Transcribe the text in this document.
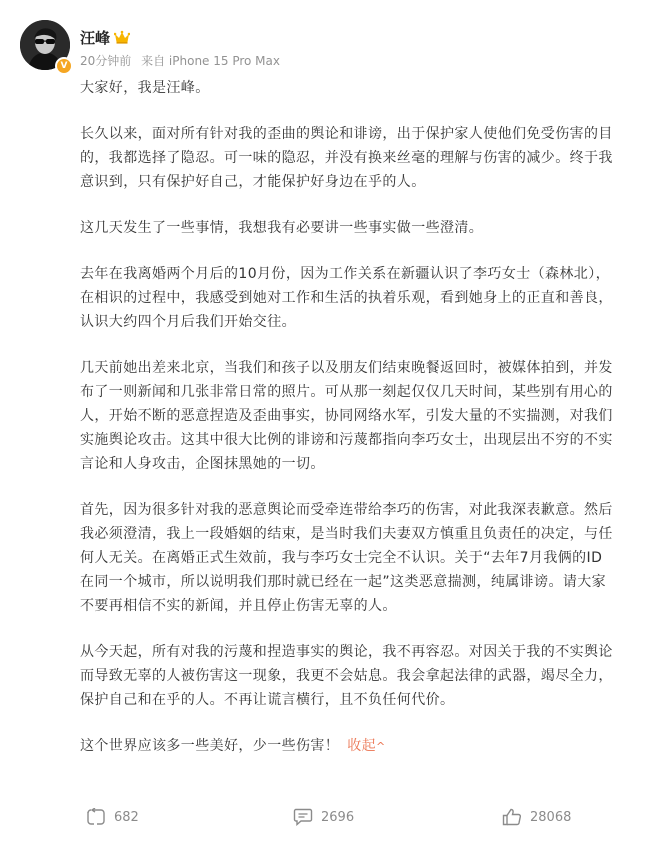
V
汪峰
20分钟前 来自 iPhone 15 Pro Max

大家好，我是汪峰。

长久以来，面对所有针对我的歪曲的舆论和诽谤，出于保护家人使他们免受伤害的目的，我都选择了隐忍。可一味的隐忍，并没有换来丝毫的理解与伤害的减少。终于我意识到，只有保护好自己，才能保护好身边在乎的人。

这几天发生了一些事情，我想我有必要讲一些事实做一些澄清。

去年在我离婚两个月后的10月份，因为工作关系在新疆认识了李巧女士（森林北），在相识的过程中，我感受到她对工作和生活的执着乐观，看到她身上的正直和善良，认识大约四个月后我们开始交往。

几天前她出差来北京，当我们和孩子以及朋友们结束晚餐返回时，被媒体拍到，并发布了一则新闻和几张非常日常的照片。可从那一刻起仅仅几天时间，某些别有用心的人，开始不断的恶意捏造及歪曲事实，协同网络水军，引发大量的不实揣测，对我们实施舆论攻击。这其中很大比例的诽谤和污蔑都指向李巧女士，出现层出不穷的不实言论和人身攻击，企图抹黑她的一切。

首先，因为很多针对我的恶意舆论而受牵连带给李巧的伤害，对此我深表歉意。然后我必须澄清，我上一段婚姻的结束，是当时我们夫妻双方慎重且负责任的决定，与任何人无关。在离婚正式生效前，我与李巧女士完全不认识。关于“去年7月我俩的ID在同一个城市，所以说明我们那时就已经在一起”这类恶意揣测，纯属诽谤。请大家不要再相信不实的新闻，并且停止伤害无辜的人。

从今天起，所有对我的污蔑和捏造事实的舆论，我不再容忍。对因关于我的不实舆论而导致无辜的人被伤害这一现象，我更不会姑息。我会拿起法律的武器，竭尽全力，保护自己和在乎的人。不再让谎言横行，且不负任何代价。

这个世界应该多一些美好，少一些伤害！ 收起^

682	2696	28068
